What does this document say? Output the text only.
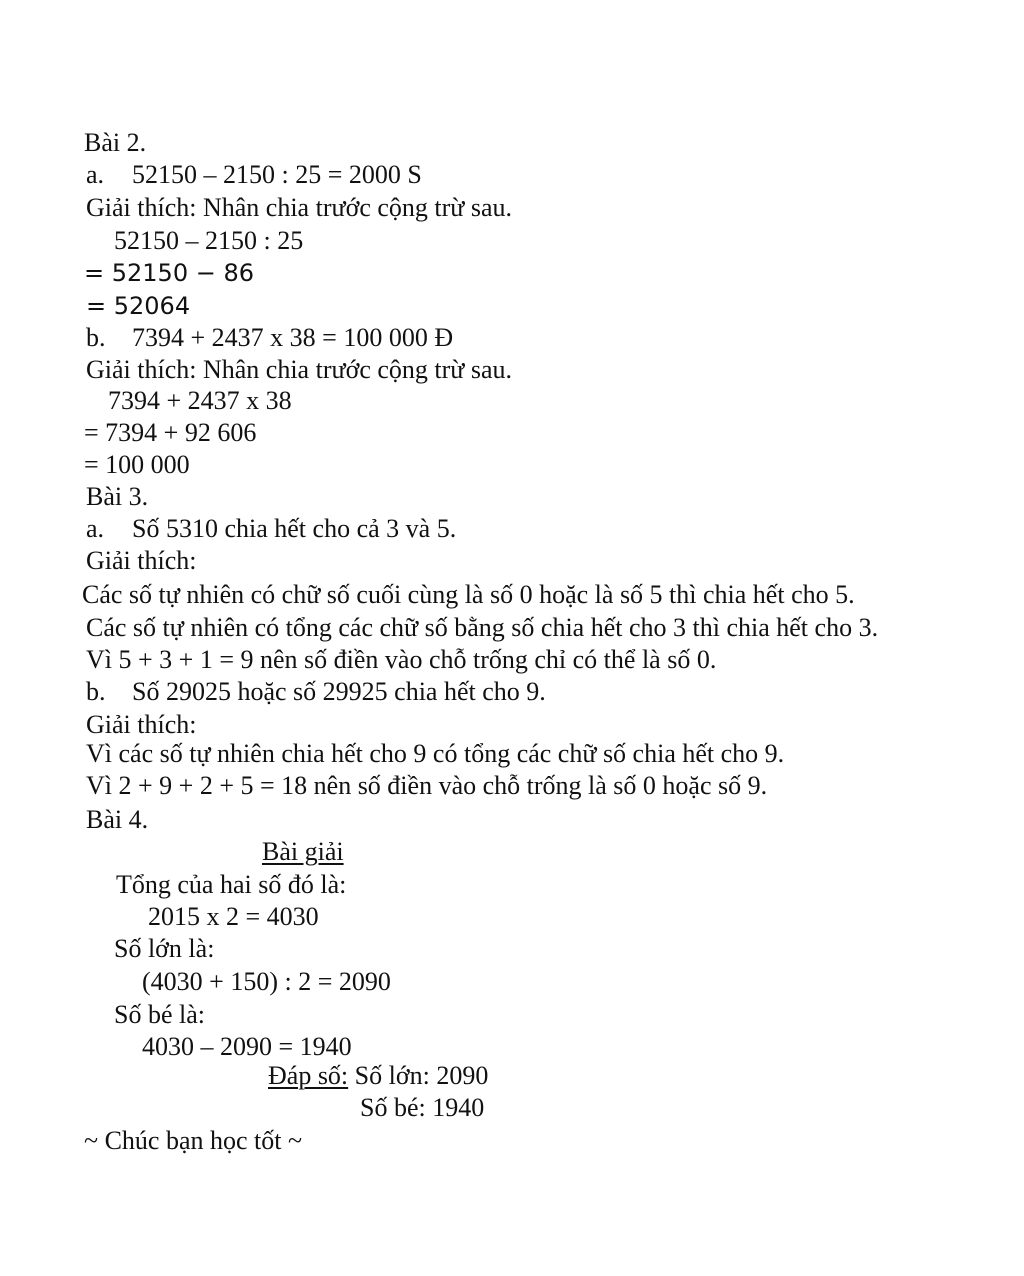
Bài 2.
a. 52150 – 2150 : 25 = 2000 S
Giải thích: Nhân chia trước cộng trừ sau.
52150 – 2150 : 25
= 52150 − 86
= 52064
b. 7394 + 2437 x 38 = 100 000 Đ
Giải thích: Nhân chia trước cộng trừ sau.
7394 + 2437 x 38
= 7394 + 92 606
= 100 000
Bài 3.
a. Số 5310 chia hết cho cả 3 và 5.
Giải thích:
Các số tự nhiên có chữ số cuối cùng là số 0 hoặc là số 5 thì chia hết cho 5.
Các số tự nhiên có tổng các chữ số bằng số chia hết cho 3 thì chia hết cho 3.
Vì 5 + 3 + 1 = 9 nên số điền vào chỗ trống chỉ có thể là số 0.
b. Số 29025 hoặc số 29925 chia hết cho 9.
Giải thích:
Vì các số tự nhiên chia hết cho 9 có tổng các chữ số chia hết cho 9.
Vì 2 + 9 + 2 + 5 = 18 nên số điền vào chỗ trống là số 0 hoặc số 9.
Bài 4.
Bài giải
Tổng của hai số đó là:
2015 x 2 = 4030
Số lớn là:
(4030 + 150) : 2 = 2090
Số bé là:
4030 – 2090 = 1940
Đáp số: Số lớn: 2090
Số bé: 1940
~ Chúc bạn học tốt ~
